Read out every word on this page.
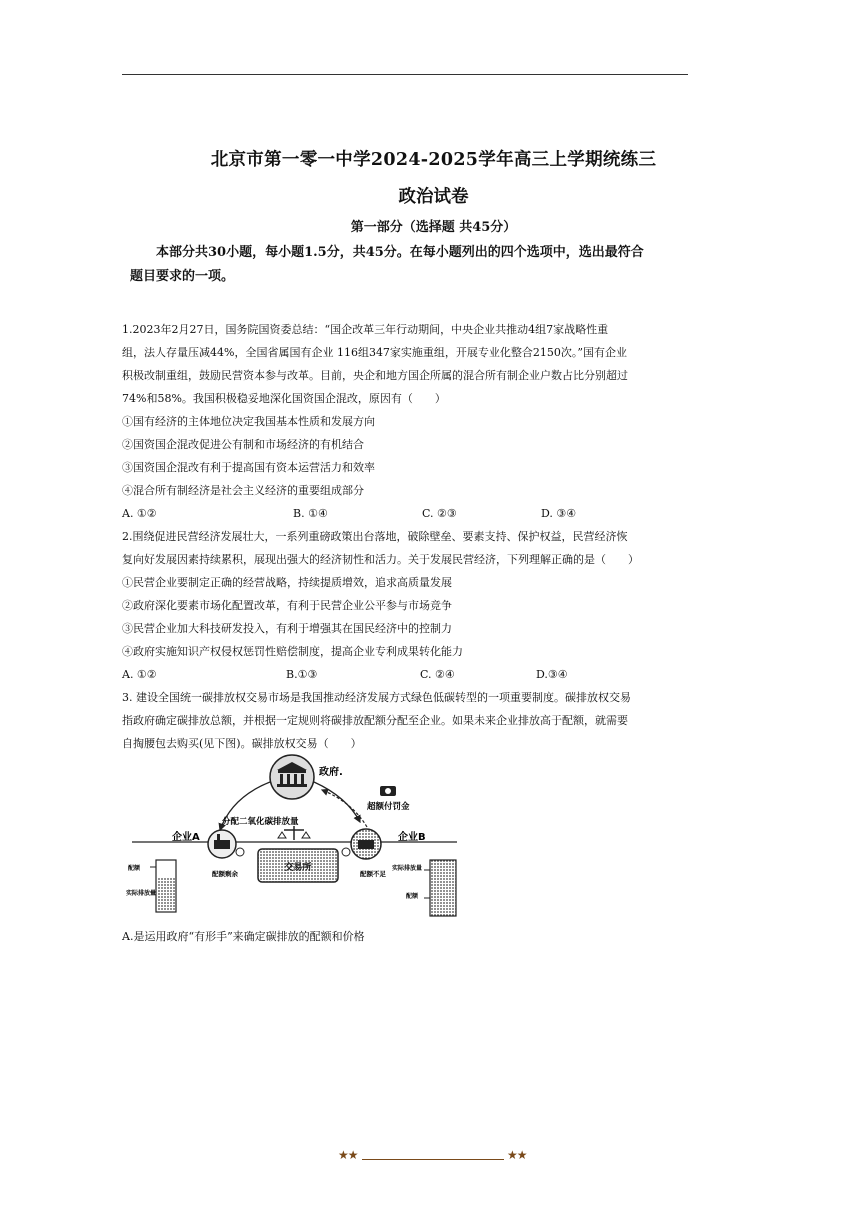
北京市第一零一中学2024-2025学年高三上学期统练三
政治试卷
第一部分（选择题 共45分）
本部分共30小题，每小题1.5分，共45分。在每小题列出的四个选项中，选出最符合
题目要求的一项。
1.2023年2月27日，国务院国资委总结：“国企改革三年行动期间，中央企业共推动4组7家战略性重
组，法人存量压减44%，全国省属国有企业 116组347家实施重组，开展专业化整合2150次。”国有企业
积极改制重组，鼓励民营资本参与改革。目前，央企和地方国企所属的混合所有制企业户数占比分别超过
74%和58%。我国积极稳妥地深化国资国企混改，原因有（　　）
①国有经济的主体地位决定我国基本性质和发展方向
②国资国企混改促进公有制和市场经济的有机结合
③国资国企混改有利于提高国有资本运营活力和效率
④混合所有制经济是社会主义经济的重要组成部分
A. ①②	B. ①④	C. ②③	D. ③④
2.围绕促进民营经济发展壮大，一系列重磅政策出台落地，破除壁垒、要素支持、保护权益，民营经济恢
复向好发展因素持续累积，展现出强大的经济韧性和活力。关于发展民营经济，下列理解正确的是（　　）
①民营企业要制定正确的经营战略，持续提质增效，追求高质量发展
②政府深化要素市场化配置改革，有利于民营企业公平参与市场竞争
③民营企业加大科技研发投入，有利于增强其在国民经济中的控制力
④政府实施知识产权侵权惩罚性赔偿制度，提高企业专利成果转化能力
A. ①②	B.①③	C. ②④	D.③④
3. 建设全国统一碳排放权交易市场是我国推动经济发展方式绿色低碳转型的一项重要制度。碳排放权交易
指政府确定碳排放总额，并根据一定规则将碳排放配额分配至企业。如果未来企业排放高于配额，就需要
自掏腰包去购买(见下图)。碳排放权交易（　　）
政府.
超额付罚金
分配二氧化碳排放量
企业A
配额剩余
企业B
配额不足
交易所
配额
实际排放量
实际排放量
配额
A.是运用政府“有形手”来确定碳排放的配额和价格
★★	★★
